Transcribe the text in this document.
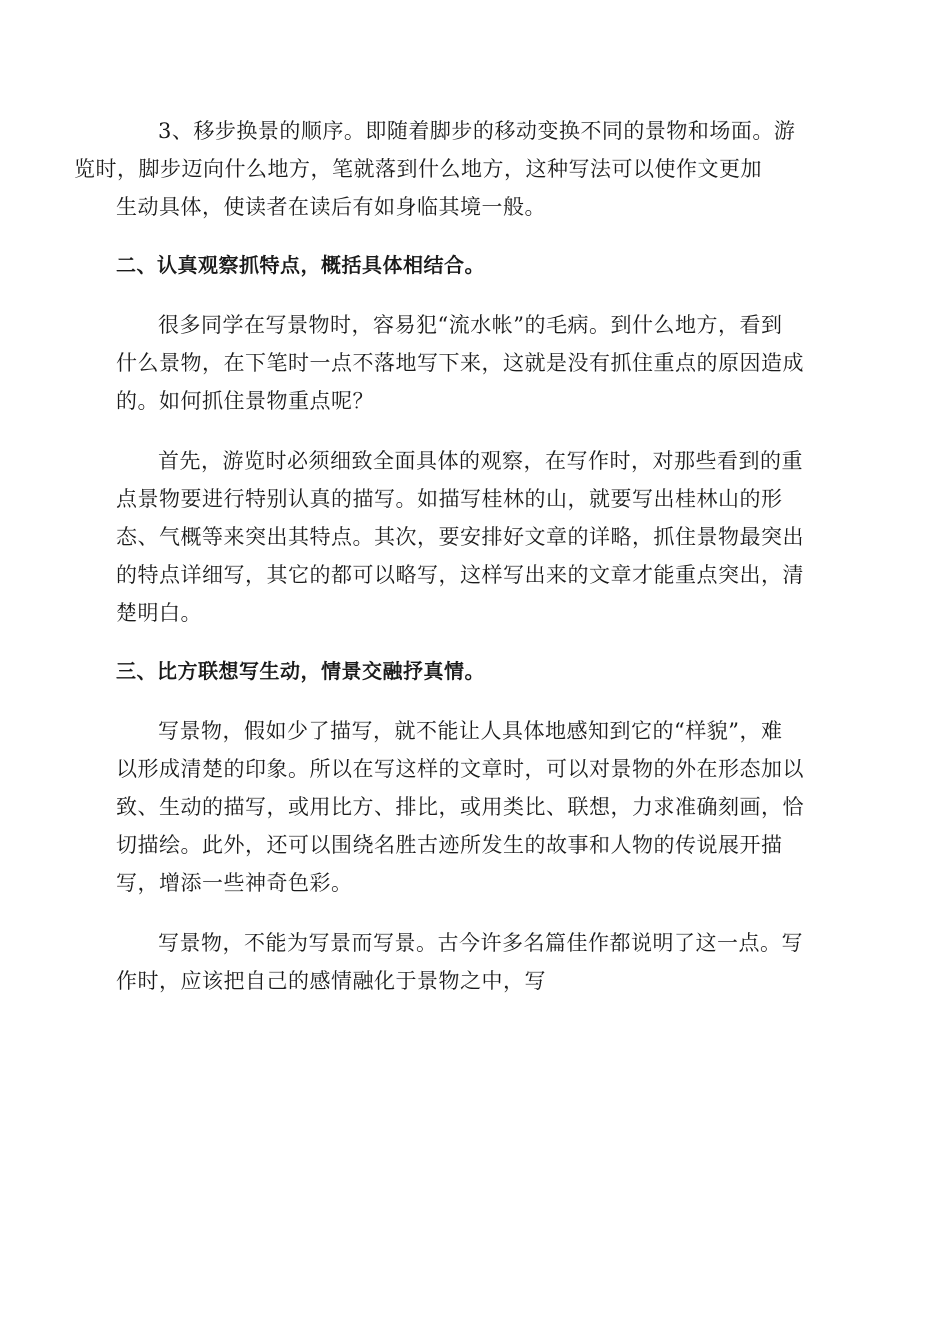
3、移步换景的顺序。即随着脚步的移动变换不同的景物和场面。游
览时，脚步迈向什么地方，笔就落到什么地方，这种写法可以使作文更加
生动具体，使读者在读后有如身临其境一般。

二、认真观察抓特点，概括具体相结合。

很多同学在写景物时，容易犯“流水帐”的毛病。到什么地方，看到
什么景物，在下笔时一点不落地写下来，这就是没有抓住重点的原因造成
的。如何抓住景物重点呢？

首先，游览时必须细致全面具体的观察，在写作时，对那些看到的重
点景物要进行特别认真的描写。如描写桂林的山，就要写出桂林山的形
态、气概等来突出其特点。其次，要安排好文章的详略，抓住景物最突出
的特点详细写，其它的都可以略写，这样写出来的文章才能重点突出，清
楚明白。

三、比方联想写生动，情景交融抒真情。

写景物，假如少了描写，就不能让人具体地感知到它的“样貌”，难
以形成清楚的印象。所以在写这样的文章时，可以对景物的外在形态加以
致、生动的描写，或用比方、排比，或用类比、联想，力求准确刻画，恰
切描绘。此外，还可以围绕名胜古迹所发生的故事和人物的传说展开描
写，增添一些神奇色彩。

写景物，不能为写景而写景。古今许多名篇佳作都说明了这一点。写
作时，应该把自己的感情融化于景物之中，写
